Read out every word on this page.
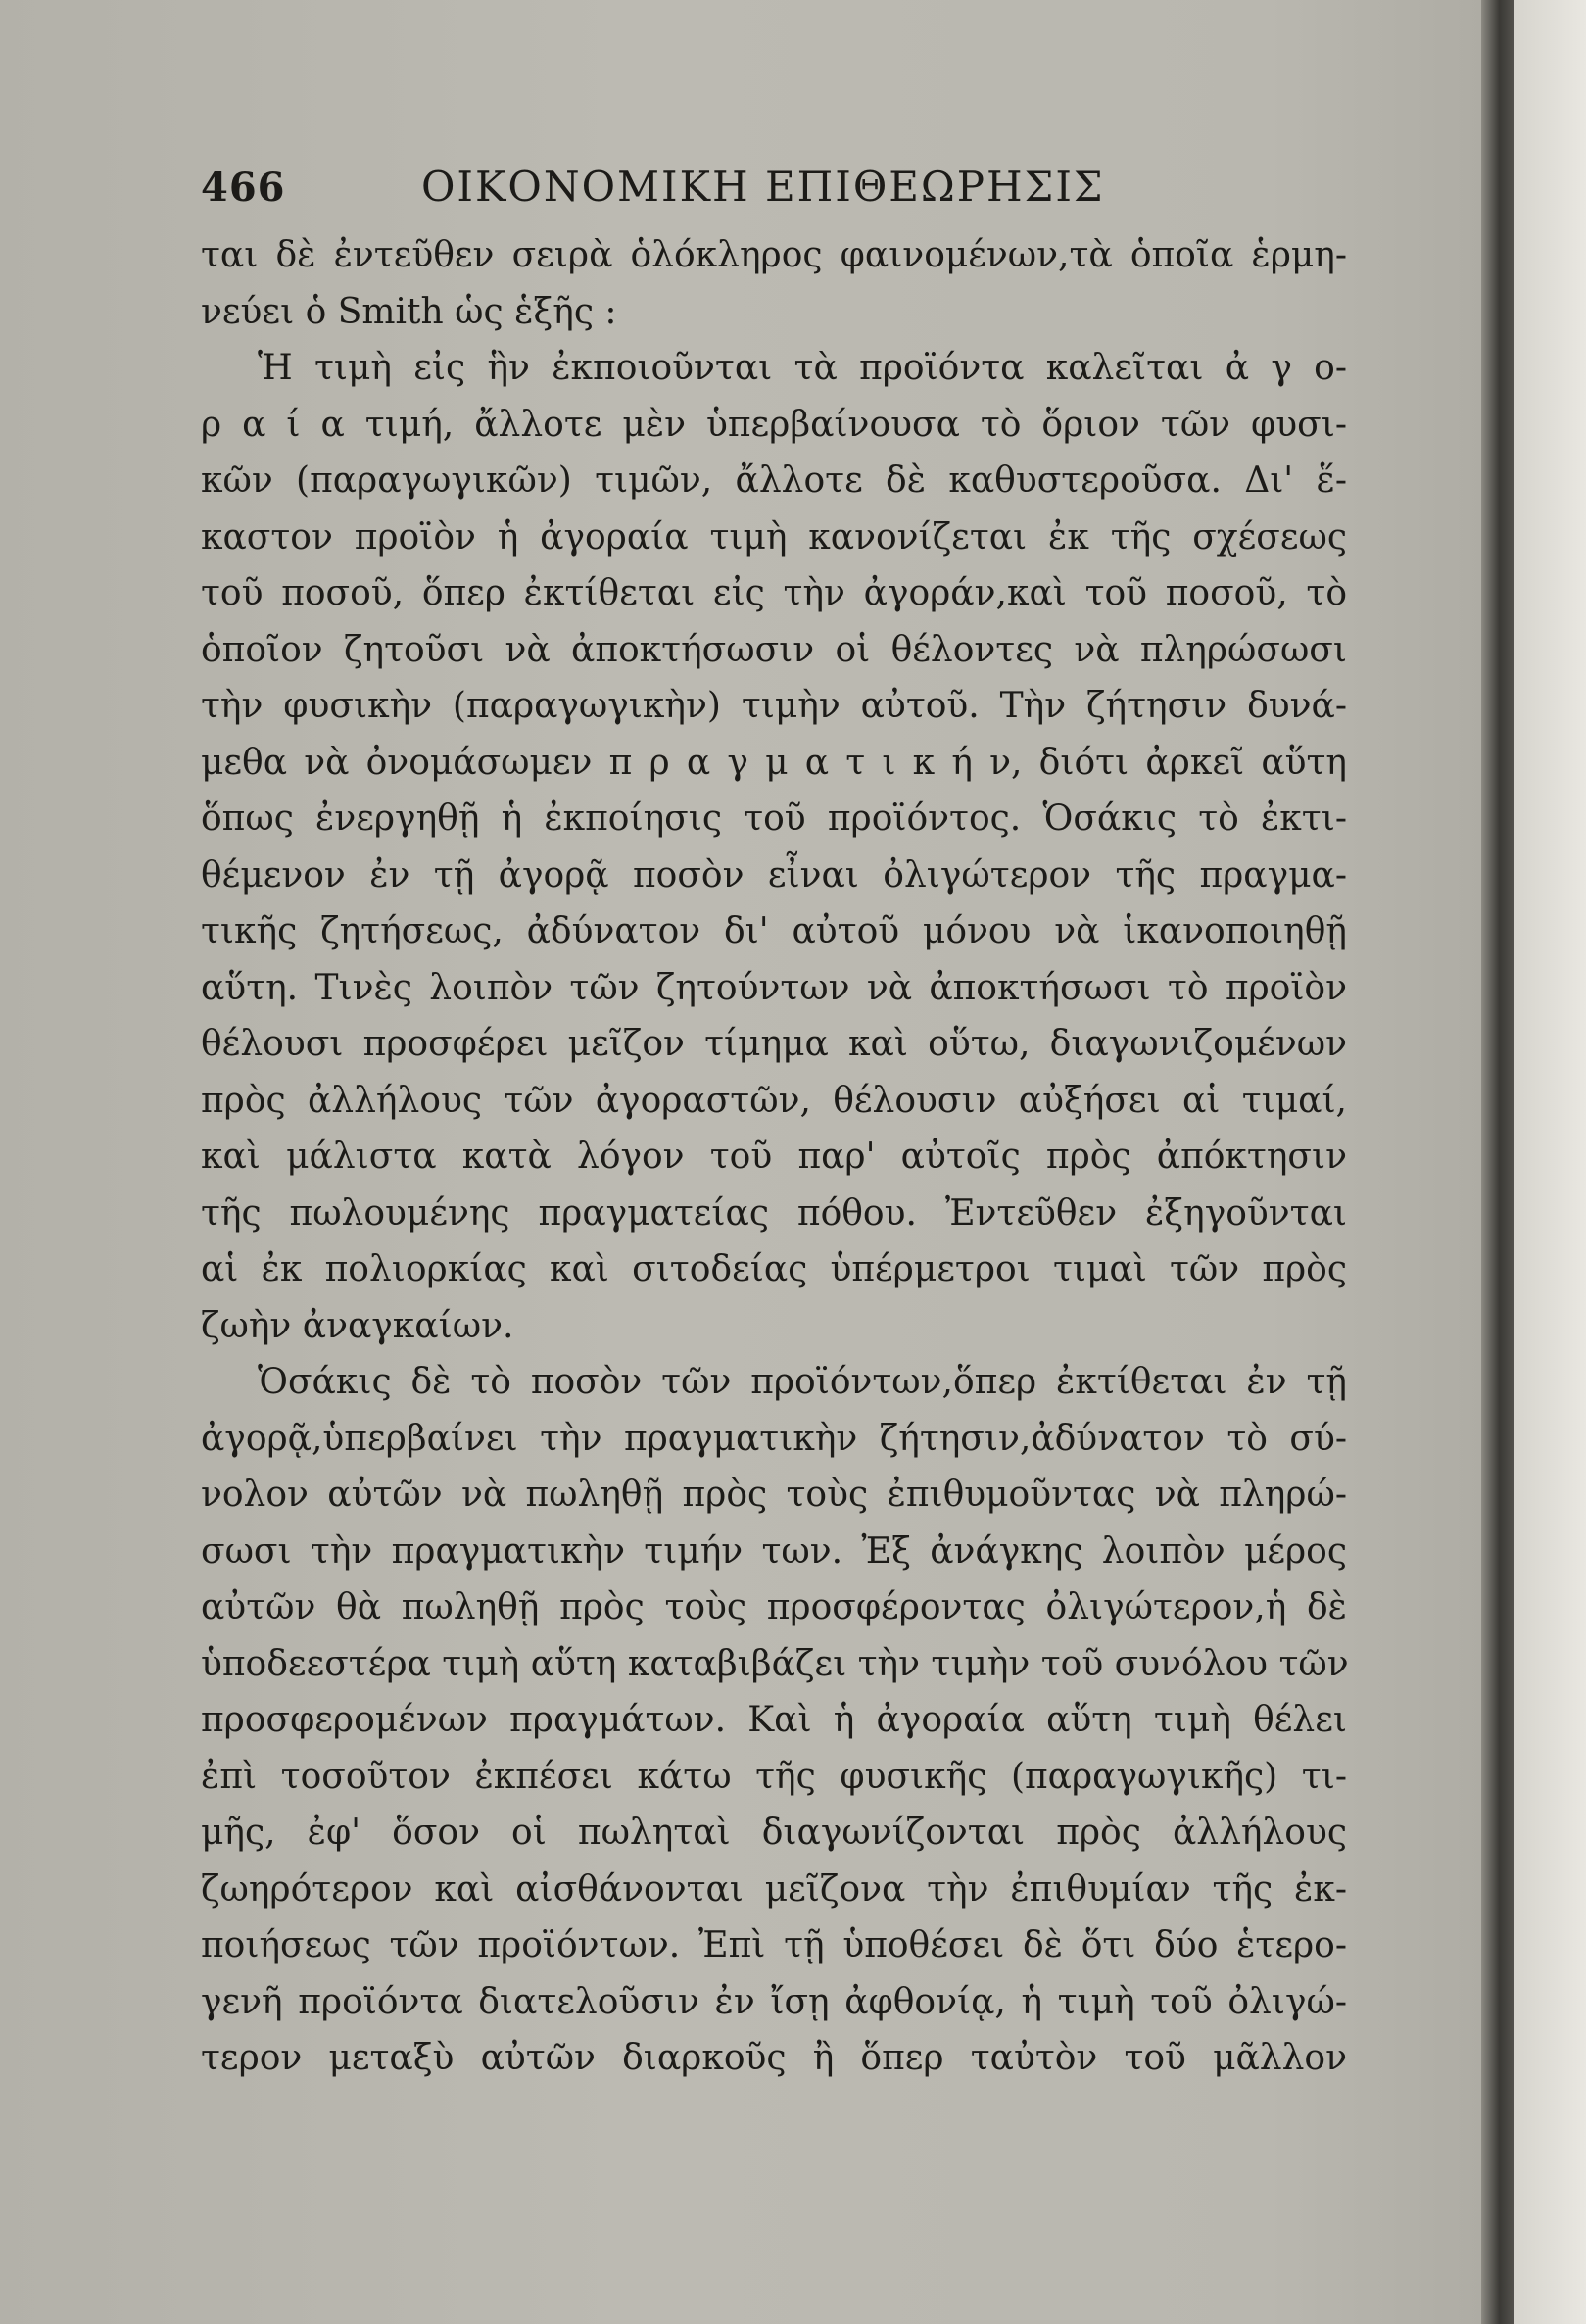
466	ΟΙΚΟΝΟΜΙΚΗ ΕΠΙΘΕΩΡΗΣΙΣ
ται δὲ ἐντεῦθεν σειρὰ ὁλόκληρος φαινομένων,τὰ ὁποῖα ἑρμη-
νεύει ὁ Smith ὡς ἑξῆς :
Ἡ τιμὴ εἰς ἣν ἐκποιοῦνται τὰ προϊόντα καλεῖται ἀ γ ο-
ρ α ί α τιμή, ἄλλοτε μὲν ὑπερβαίνουσα τὸ ὅριον τῶν φυσι-
κῶν (παραγωγικῶν) τιμῶν, ἄλλοτε δὲ καθυστεροῦσα. Δι' ἕ-
καστον προϊὸν ἡ ἀγοραία τιμὴ κανονίζεται ἐκ τῆς σχέσεως
τοῦ ποσοῦ, ὅπερ ἐκτίθεται εἰς τὴν ἀγοράν,καὶ τοῦ ποσοῦ, τὸ
ὁποῖον ζητοῦσι νὰ ἀποκτήσωσιν οἱ θέλοντες νὰ πληρώσωσι
τὴν φυσικὴν (παραγωγικὴν) τιμὴν αὐτοῦ. Τὴν ζήτησιν δυνά-
μεθα νὰ ὀνομάσωμεν π ρ α γ μ α τ ι κ ή ν, διότι ἀρκεῖ αὕτη
ὅπως ἐνεργηθῇ ἡ ἐκποίησις τοῦ προϊόντος. Ὁσάκις τὸ ἐκτι-
θέμενον ἐν τῇ ἀγορᾷ ποσὸν εἶναι ὀλιγώτερον τῆς πραγμα-
τικῆς ζητήσεως, ἀδύνατον δι' αὐτοῦ μόνου νὰ ἱκανοποιηθῇ
αὕτη. Τινὲς λοιπὸν τῶν ζητούντων νὰ ἀποκτήσωσι τὸ προϊὸν
θέλουσι προσφέρει μεῖζον τίμημα καὶ οὕτω, διαγωνιζομένων
πρὸς ἀλλήλους τῶν ἀγοραστῶν, θέλουσιν αὐξήσει αἱ τιμαί,
καὶ μάλιστα κατὰ λόγον τοῦ παρ' αὐτοῖς πρὸς ἀπόκτησιν
τῆς πωλουμένης πραγματείας πόθου. Ἐντεῦθεν ἐξηγοῦνται
αἱ ἐκ πολιορκίας καὶ σιτοδείας ὑπέρμετροι τιμαὶ τῶν πρὸς
ζωὴν ἀναγκαίων.
Ὁσάκις δὲ τὸ ποσὸν τῶν προϊόντων,ὅπερ ἐκτίθεται ἐν τῇ
ἀγορᾷ,ὑπερβαίνει τὴν πραγματικὴν ζήτησιν,ἀδύνατον τὸ σύ-
νολον αὐτῶν νὰ πωληθῇ πρὸς τοὺς ἐπιθυμοῦντας νὰ πληρώ-
σωσι τὴν πραγματικὴν τιμήν των. Ἐξ ἀνάγκης λοιπὸν μέρος
αὐτῶν θὰ πωληθῇ πρὸς τοὺς προσφέροντας ὀλιγώτερον,ἡ δὲ
ὑποδεεστέρα τιμὴ αὕτη καταβιβάζει τὴν τιμὴν τοῦ συνόλου τῶν
προσφερομένων πραγμάτων. Καὶ ἡ ἀγοραία αὕτη τιμὴ θέλει
ἐπὶ τοσοῦτον ἐκπέσει κάτω τῆς φυσικῆς (παραγωγικῆς) τι-
μῆς, ἐφ' ὅσον οἱ πωληταὶ διαγωνίζονται πρὸς ἀλλήλους
ζωηρότερον καὶ αἰσθάνονται μεῖζονα τὴν ἐπιθυμίαν τῆς ἐκ-
ποιήσεως τῶν προϊόντων. Ἐπὶ τῇ ὑποθέσει δὲ ὅτι δύο ἑτερο-
γενῆ προϊόντα διατελοῦσιν ἐν ἴσῃ ἀφθονίᾳ, ἡ τιμὴ τοῦ ὀλιγώ-
τερον μεταξὺ αὐτῶν διαρκοῦς ἢ ὅπερ ταὐτὸν τοῦ μᾶλλον
